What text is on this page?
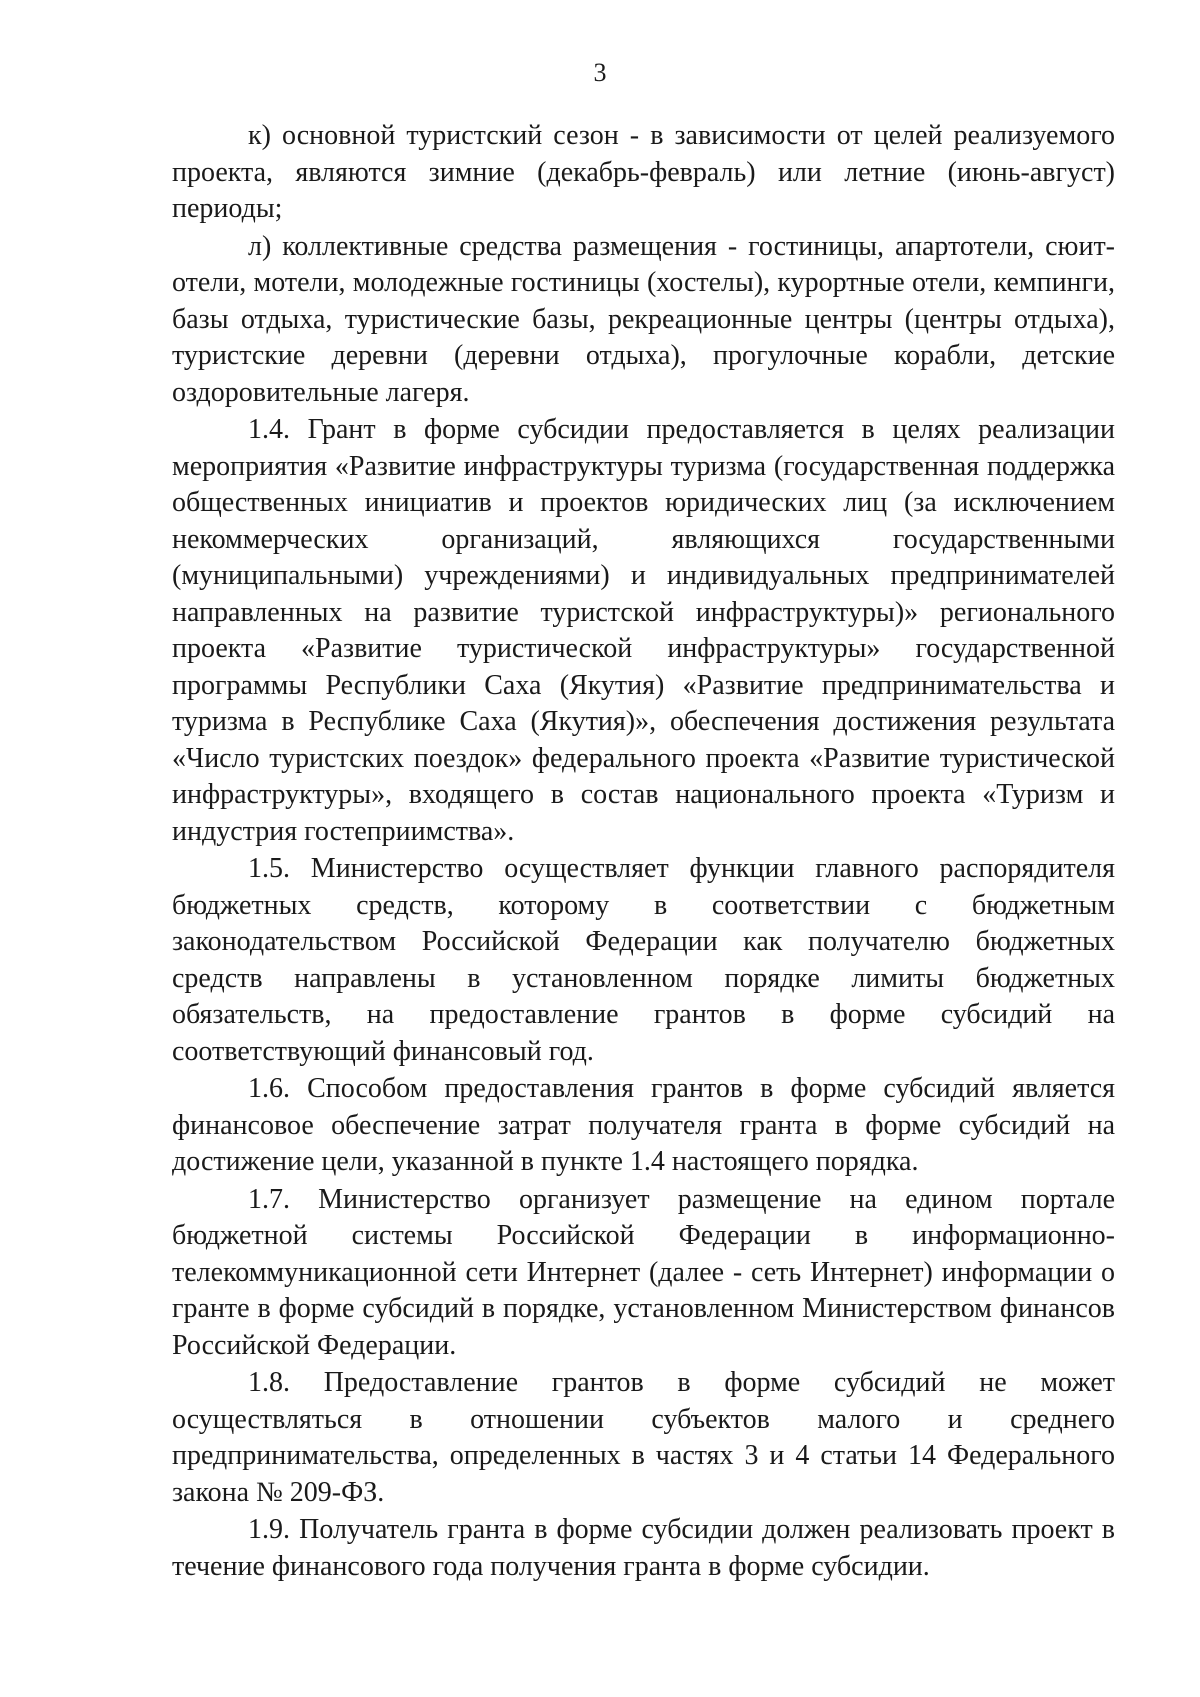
3

к) основной туристский сезон - в зависимости от целей реализуемого проекта, являются зимние (декабрь-февраль) или летние (июнь-август) периоды;

л) коллективные средства размещения - гостиницы, апартотели, сюит-отели, мотели, молодежные гостиницы (хостелы), курортные отели, кемпинги, базы отдыха, туристические базы, рекреационные центры (центры отдыха), туристские деревни (деревни отдыха), прогулочные корабли, детские оздоровительные лагеря.

1.4. Грант в форме субсидии предоставляется в целях реализации мероприятия «Развитие инфраструктуры туризма (государственная поддержка общественных инициатив и проектов юридических лиц (за исключением некоммерческих организаций, являющихся государственными (муниципальными) учреждениями) и индивидуальных предпринимателей направленных на развитие туристской инфраструктуры)» регионального проекта «Развитие туристической инфраструктуры» государственной программы Республики Саха (Якутия) «Развитие предпринимательства и туризма в Республике Саха (Якутия)», обеспечения достижения результата «Число туристских поездок» федерального проекта «Развитие туристической инфраструктуры», входящего в состав национального проекта «Туризм и индустрия гостеприимства».

1.5. Министерство осуществляет функции главного распорядителя бюджетных средств, которому в соответствии с бюджетным законодательством Российской Федерации как получателю бюджетных средств направлены в установленном порядке лимиты бюджетных обязательств, на предоставление грантов в форме субсидий на соответствующий финансовый год.

1.6. Способом предоставления грантов в форме субсидий является финансовое обеспечение затрат получателя гранта в форме субсидий на достижение цели, указанной в пункте 1.4 настоящего порядка.

1.7. Министерство организует размещение на едином портале бюджетной системы Российской Федерации в информационно-телекоммуникационной сети Интернет (далее - сеть Интернет) информации о гранте в форме субсидий в порядке, установленном Министерством финансов Российской Федерации.

1.8. Предоставление грантов в форме субсидий не может осуществляться в отношении субъектов малого и среднего предпринимательства, определенных в частях 3 и 4 статьи 14 Федерального закона № 209-ФЗ.

1.9. Получатель гранта в форме субсидии должен реализовать проект в течение финансового года получения гранта в форме субсидии.
